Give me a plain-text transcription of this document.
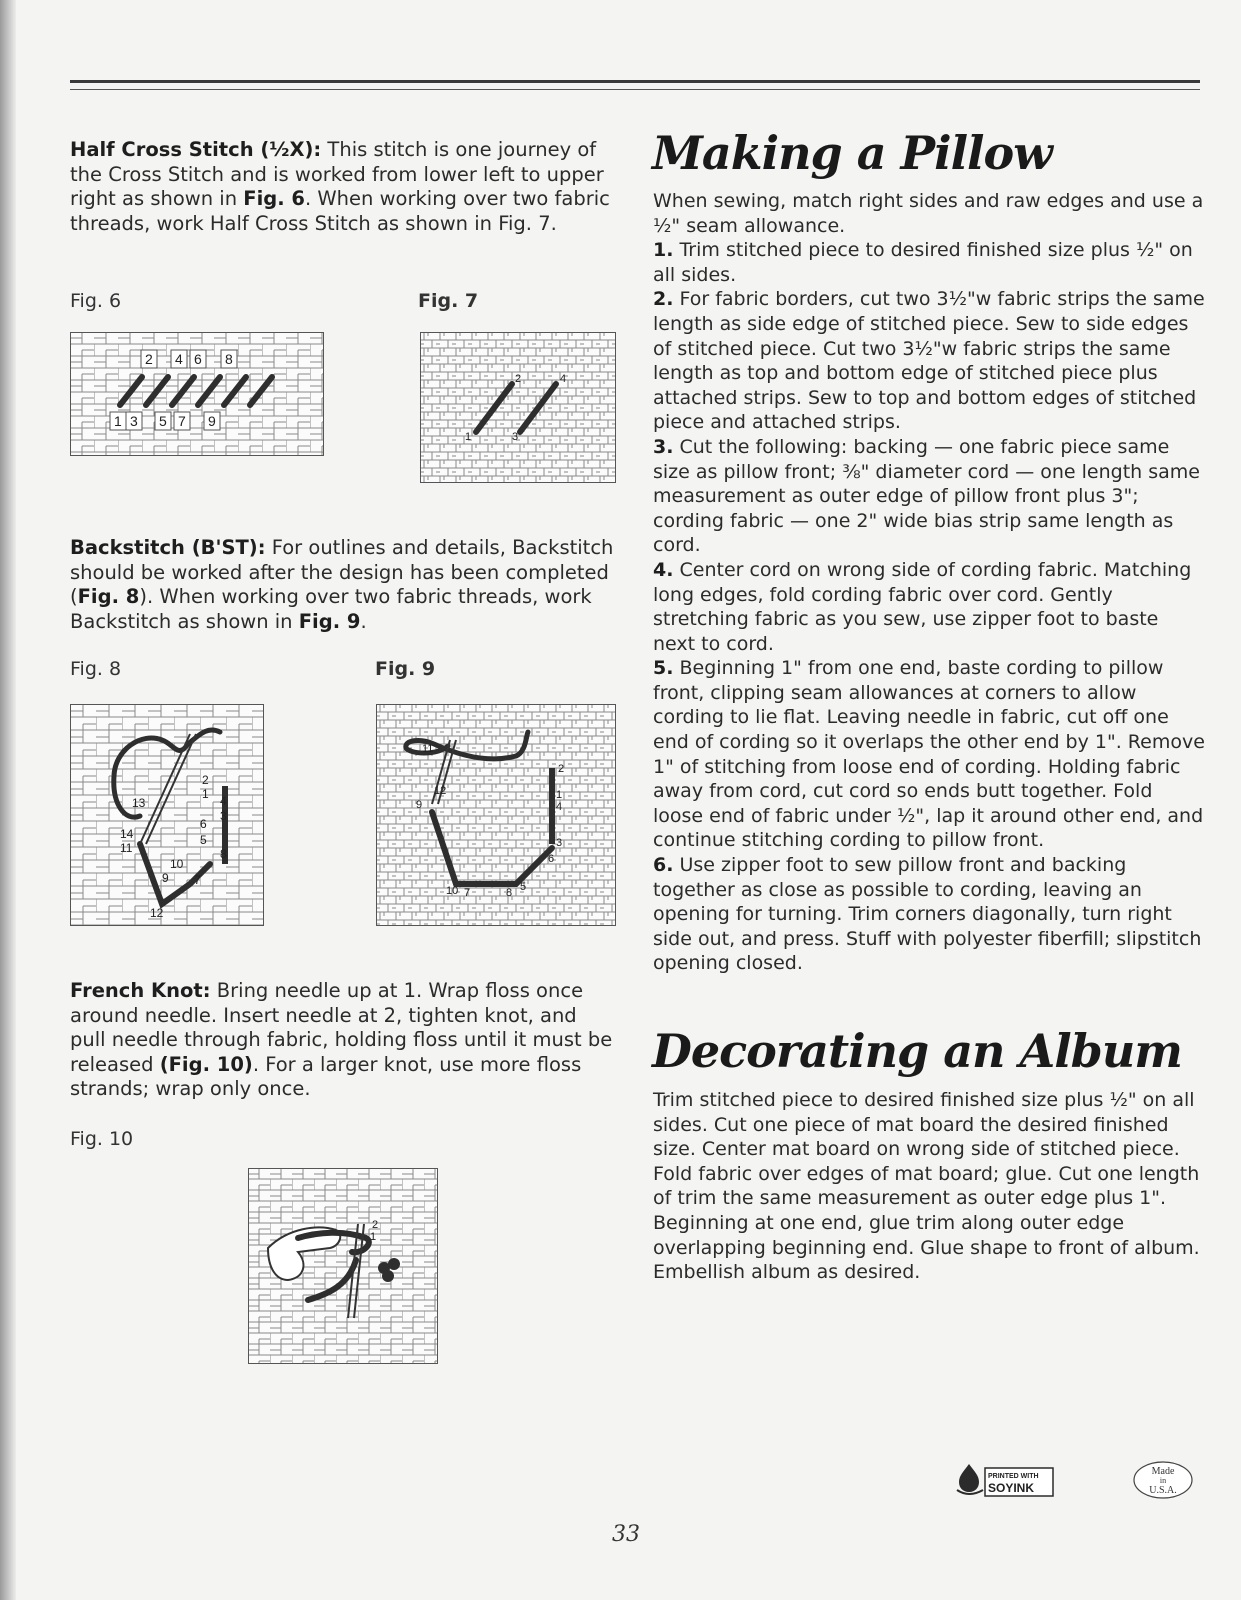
Half Cross Stitch (½X): This stitch is one journey of the Cross Stitch and is worked from lower left to upper right as shown in Fig. 6. When working over two fabric threads, work Half Cross Stitch as shown in Fig. 7.
Fig. 6	Fig. 7
2 4 6 8
1 3 5 7 9
1
2
3
4
Backstitch (B'ST): For outlines and details, Backstitch should be worked after the design has been completed (Fig. 8). When working over two fabric threads, work Backstitch as shown in Fig. 9.
Fig. 8	Fig. 9
1
2
3
4
5
6
7
8
9
10
11
12
13
14
1
2
3
4
5
6
7	8
9
10
11
12
French Knot: Bring needle up at 1. Wrap floss once around needle. Insert needle at 2, tighten knot, and pull needle through fabric, holding floss until it must be released (Fig. 10). For a larger knot, use more floss strands; wrap only once.
Fig. 10
1
2
Making a Pillow

When sewing, match right sides and raw edges and use a ½" seam allowance.

1. Trim stitched piece to desired finished size plus ½" on all sides.

2. For fabric borders, cut two 3½"w fabric strips the same length as side edge of stitched piece. Sew to side edges of stitched piece. Cut two 3½"w fabric strips the same length as top and bottom edge of stitched piece plus attached strips. Sew to top and bottom edges of stitched piece and attached strips.

3. Cut the following: backing — one fabric piece same size as pillow front; ⅜" diameter cord — one length same measurement as outer edge of pillow front plus 3"; cording fabric — one 2" wide bias strip same length as cord.

4. Center cord on wrong side of cording fabric. Matching long edges, fold cording fabric over cord. Gently stretching fabric as you sew, use zipper foot to baste next to cord.

5. Beginning 1" from one end, baste cording to pillow front, clipping seam allowances at corners to allow cording to lie flat. Leaving needle in fabric, cut off one end of cording so it overlaps the other end by 1". Remove 1" of stitching from loose end of cording. Holding fabric away from cord, cut cord so ends butt together. Fold loose end of fabric under ½", lap it around other end, and continue stitching cording to pillow front.

6. Use zipper foot to sew pillow front and backing together as close as possible to cording, leaving an opening for turning. Trim corners diagonally, turn right side out, and press. Stuff with polyester fiberfill; slipstitch opening closed.

Decorating an Album
Trim stitched piece to desired finished size plus ½" on all sides. Cut one piece of mat board the desired finished size. Center mat board on wrong side of stitched piece. Fold fabric over edges of mat board; glue. Cut one length of trim the same measurement as outer edge plus 1". Beginning at one end, glue trim along outer edge overlapping beginning end. Glue shape to front of album. Embellish album as desired.
PRINTED WITH
SOYINK
Made
in
U.S.A.
33
